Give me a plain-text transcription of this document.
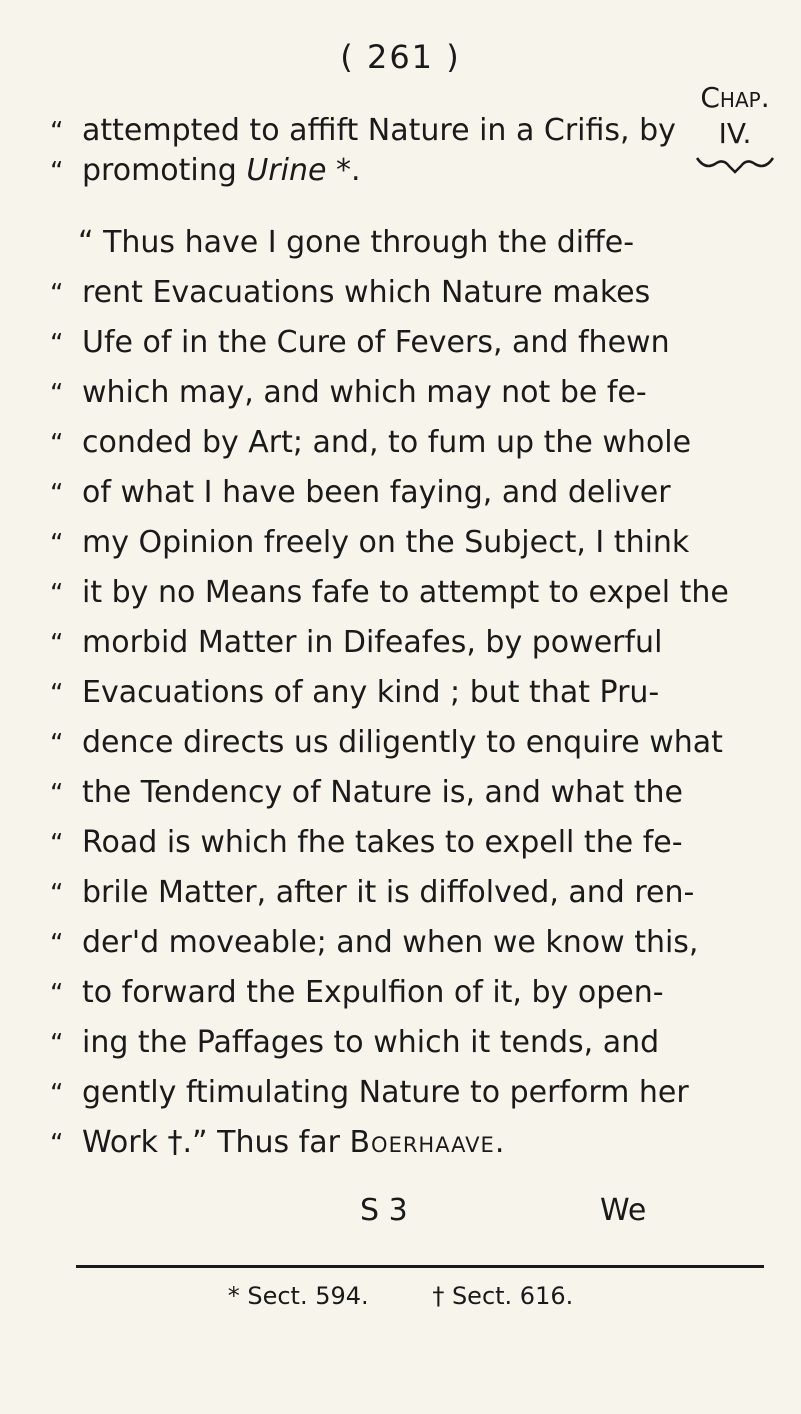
( 261 )
Chap.
IV.
“ attempted to affift Nature in a Crifis, by
“ promoting Urine *.
“ Thus have I gone through the diffe-
“ rent Evacuations which Nature makes
“ Ufe of in the Cure of Fevers, and fhewn
“ which may, and which may not be fe-
“ conded by Art; and, to fum up the whole
“ of what I have been faying, and deliver
“ my Opinion freely on the Subject, I think
“ it by no Means fafe to attempt to expel the
“ morbid Matter in Difeafes, by powerful
“ Evacuations of any kind ; but that Pru-
“ dence directs us diligently to enquire what
“ the Tendency of Nature is, and what the
“ Road is which fhe takes to expell the fe-
“ brile Matter, after it is diffolved, and ren-
“ der'd moveable; and when we know this,
“ to forward the Expulfion of it, by open-
“ ing the Paffages to which it tends, and
“ gently ftimulating Nature to perform her
“ Work †.” Thus far Boerhaave.
S 3	We
* Sect. 594.	† Sect. 616.
